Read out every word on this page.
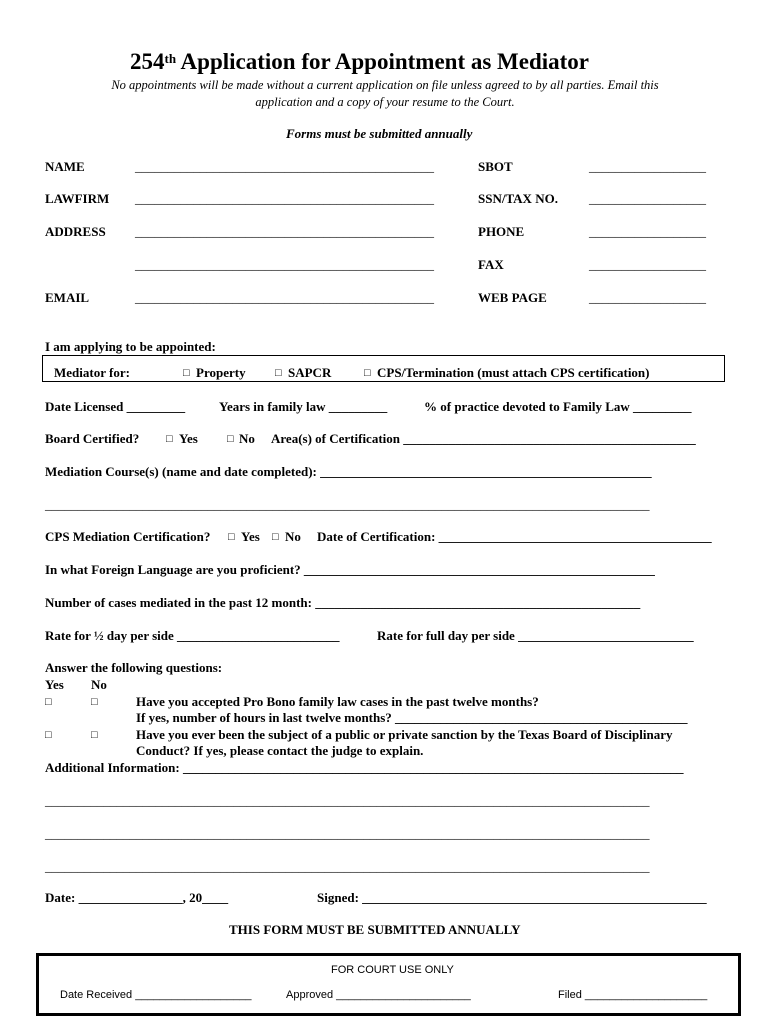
254th Application for Appointment as Mediator
No appointments will be made without a current application on file unless agreed to by all parties. Email this
application and a copy of your resume to the Court.
Forms must be submitted annually
NAME	______________________________________________	SBOT	__________________
LAWFIRM ______________________________________________	SSN/TAX NO. __________________
ADDRESS ______________________________________________	PHONE	__________________
______________________________________________	FAX	__________________
EMAIL	______________________________________________	WEB PAGE	__________________
I am applying to be appointed:
Mediator for:	□ Property	□ SAPCR	□ CPS/Termination (must attach CPS certification)
Date Licensed _________	Years in family law _________	% of practice devoted to Family Law _________
Board Certified? □ Yes	□ No Area(s) of Certification _____________________________________________
Mediation Course(s) (name and date completed): ___________________________________________________
_____________________________________________________________________________________________
CPS Mediation Certification? □ Yes □ No Date of Certification: __________________________________________
In what Foreign Language are you proficient? ______________________________________________________
Number of cases mediated in the past 12 month: __________________________________________________
Rate for ½ day per side _________________________	Rate for full day per side ___________________________
Answer the following questions:
Yes No
□	□	Have you accepted Pro Bono family law cases in the past twelve months?
If yes, number of hours in last twelve months? _____________________________________________
□	□	Have you ever been the subject of a public or private sanction by the Texas Board of Disciplinary
Conduct? If yes, please contact the judge to explain.
Additional Information: _____________________________________________________________________________
_____________________________________________________________________________________________
_____________________________________________________________________________________________
_____________________________________________________________________________________________
Date: ________________, 20____	Signed: _____________________________________________________
THIS FORM MUST BE SUBMITTED ANNUALLY
FOR COURT USE ONLY
Date Received ___________________	Approved ______________________	Filed ____________________
